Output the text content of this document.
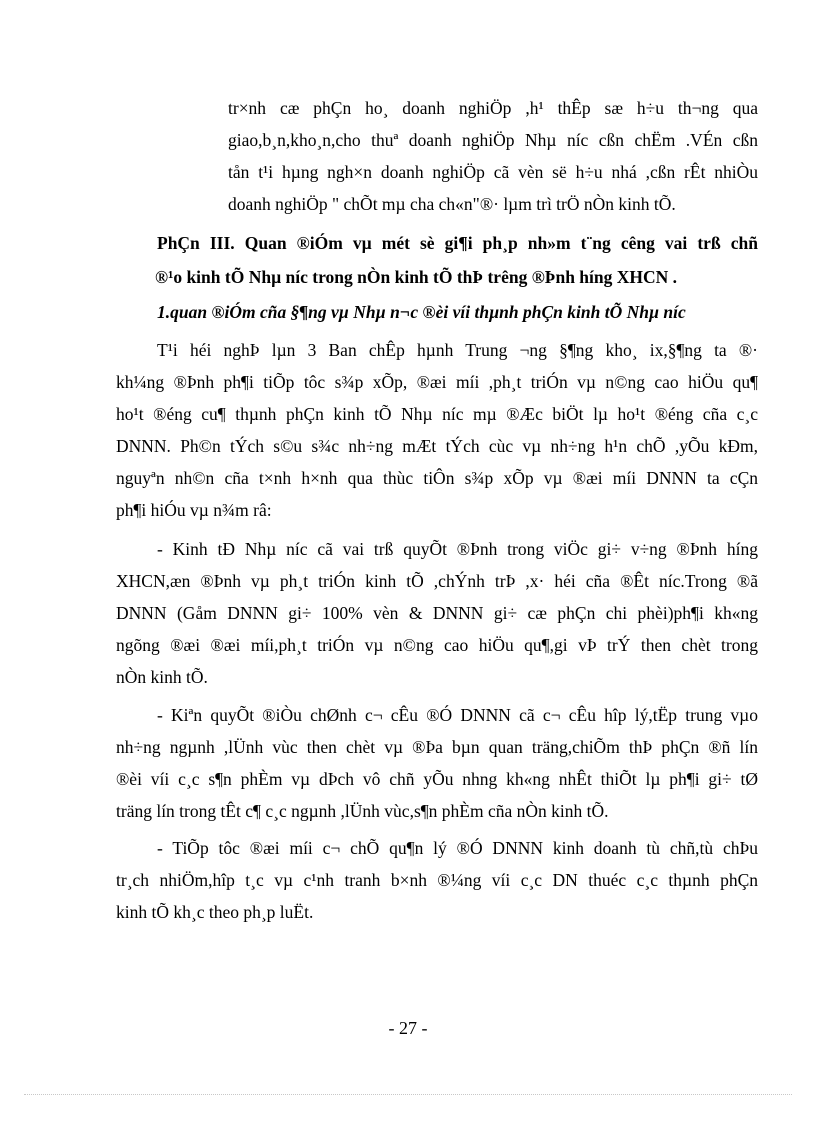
tr×nh cæ phÇn ho¸ doanh nghiÖp ,h¹ thÊp sæ h÷u th¬ng qua
giao,b¸n,kho¸n,cho thuª doanh nghiÖp Nhµ níc cßn chËm .VÉn cßn
tån t¹i hµng ngh×n doanh nghiÖp cã vèn së h÷u nhá ,cßn rÊt nhiÒu
doanh nghiÖp " chÕt mµ cha ch«n"®· lµm trì trÖ nÒn kinh tÕ.
PhÇn III. Quan ®iÓm vµ mét sè gi¶i ph¸p nh»m t¨ng cêng vai trß chñ
®¹o kinh tÕ Nhµ níc trong nÒn kinh tÕ thÞ trêng ®Þnh híng XHCN .
1.quan ®iÓm cña §¶ng vµ Nhµ n¬c ®èi víi thµnh phÇn kinh tÕ Nhµ níc
T¹i héi nghÞ lµn 3 Ban chÊp hµnh Trung ¬ng §¶ng kho¸ ix,§¶ng ta ®·
kh¼ng ®Þnh ph¶i tiÕp tôc s¾p xÕp, ®æi míi ,ph¸t triÓn vµ n©ng cao hiÖu qu¶
ho¹t ®éng cu¶ thµnh phÇn kinh tÕ Nhµ níc mµ ®Æc biÖt lµ ho¹t ®éng cña c¸c
DNNN. Ph©n tÝch s©u s¾c nh÷ng mÆt tÝch cùc vµ nh÷ng h¹n chÕ ,yÕu kÐm,
nguyªn nh©n cña t×nh h×nh qua thùc tiÔn s¾p xÕp vµ ®æi míi DNNN ta cÇn
ph¶i hiÓu vµ n¾m râ:
- Kinh tÐ Nhµ níc cã vai trß quyÕt ®Þnh trong viÖc gi÷ v÷ng ®Þnh híng
XHCN,æn ®Þnh vµ ph¸t triÓn kinh tÕ ,chÝnh trÞ ,x· héi cña ®Êt níc.Trong ®ã
DNNN (Gåm DNNN gi÷ 100% vèn & DNNN gi÷ cæ phÇn chi phèi)ph¶i kh«ng
ngõng ®æi ®æi míi,ph¸t triÓn vµ n©ng cao hiÖu qu¶,gi vÞ trÝ then chèt trong
nÒn kinh tÕ.
- Kiªn quyÕt ®iÒu chØnh c¬ cÊu ®Ó DNNN cã c¬ cÊu hîp lý,tËp trung vµo
nh÷ng ngµnh ,lÜnh vùc then chèt vµ ®Þa bµn quan träng,chiÕm thÞ phÇn ®ñ lín
®èi víi c¸c s¶n phÈm vµ dÞch vô chñ yÕu nhng kh«ng nhÊt thiÕt lµ ph¶i gi÷ tØ
träng lín trong tÊt c¶ c¸c ngµnh ,lÜnh vùc,s¶n phÈm cña nÒn kinh tÕ.
- TiÕp tôc ®æi míi c¬ chÕ qu¶n lý ®Ó DNNN kinh doanh tù chñ,tù chÞu
tr¸ch nhiÖm,hîp t¸c vµ c¹nh tranh b×nh ®¼ng víi c¸c DN thuéc c¸c thµnh phÇn
kinh tÕ kh¸c theo ph¸p luËt.
- 27 -
